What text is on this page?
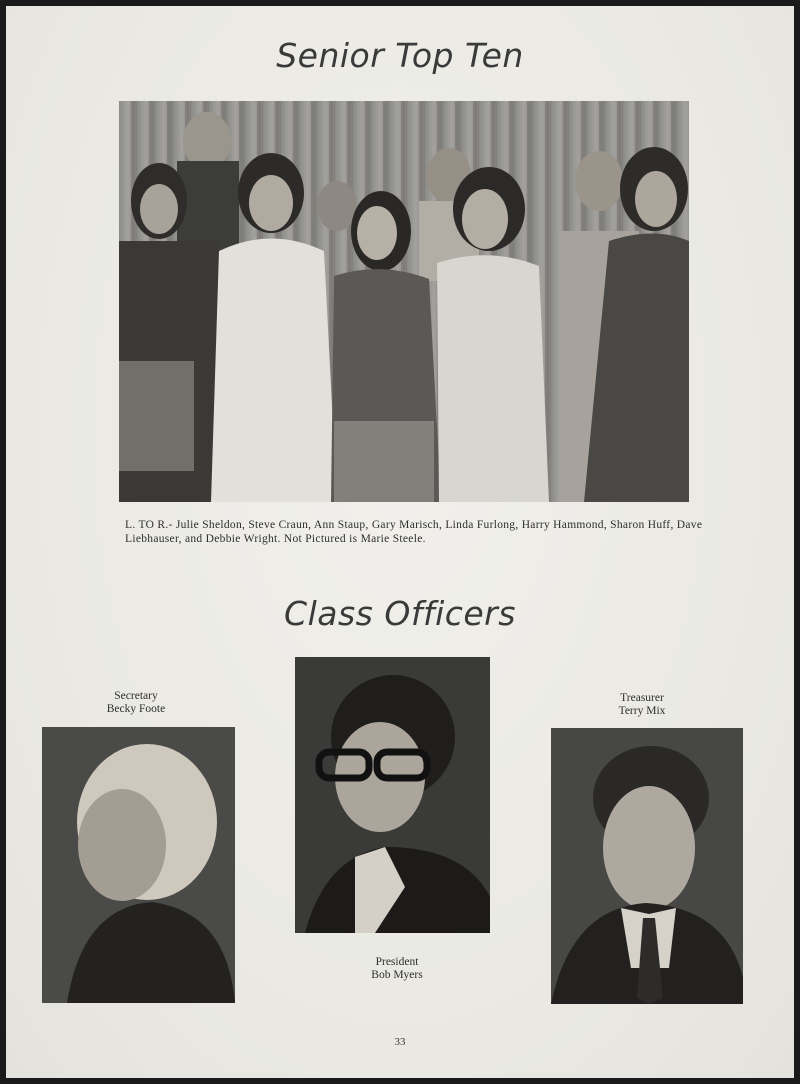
Senior Top Ten
L. TO R.- Julie Sheldon, Steve Craun, Ann Staup, Gary Marisch, Linda Furlong, Harry Hammond, Sharon Huff, Dave Liebhauser, and Debbie Wright. Not Pictured is Marie Steele.
Class Officers
Secretary
Becky Foote
President
Bob Myers
Treasurer
Terry Mix
33
